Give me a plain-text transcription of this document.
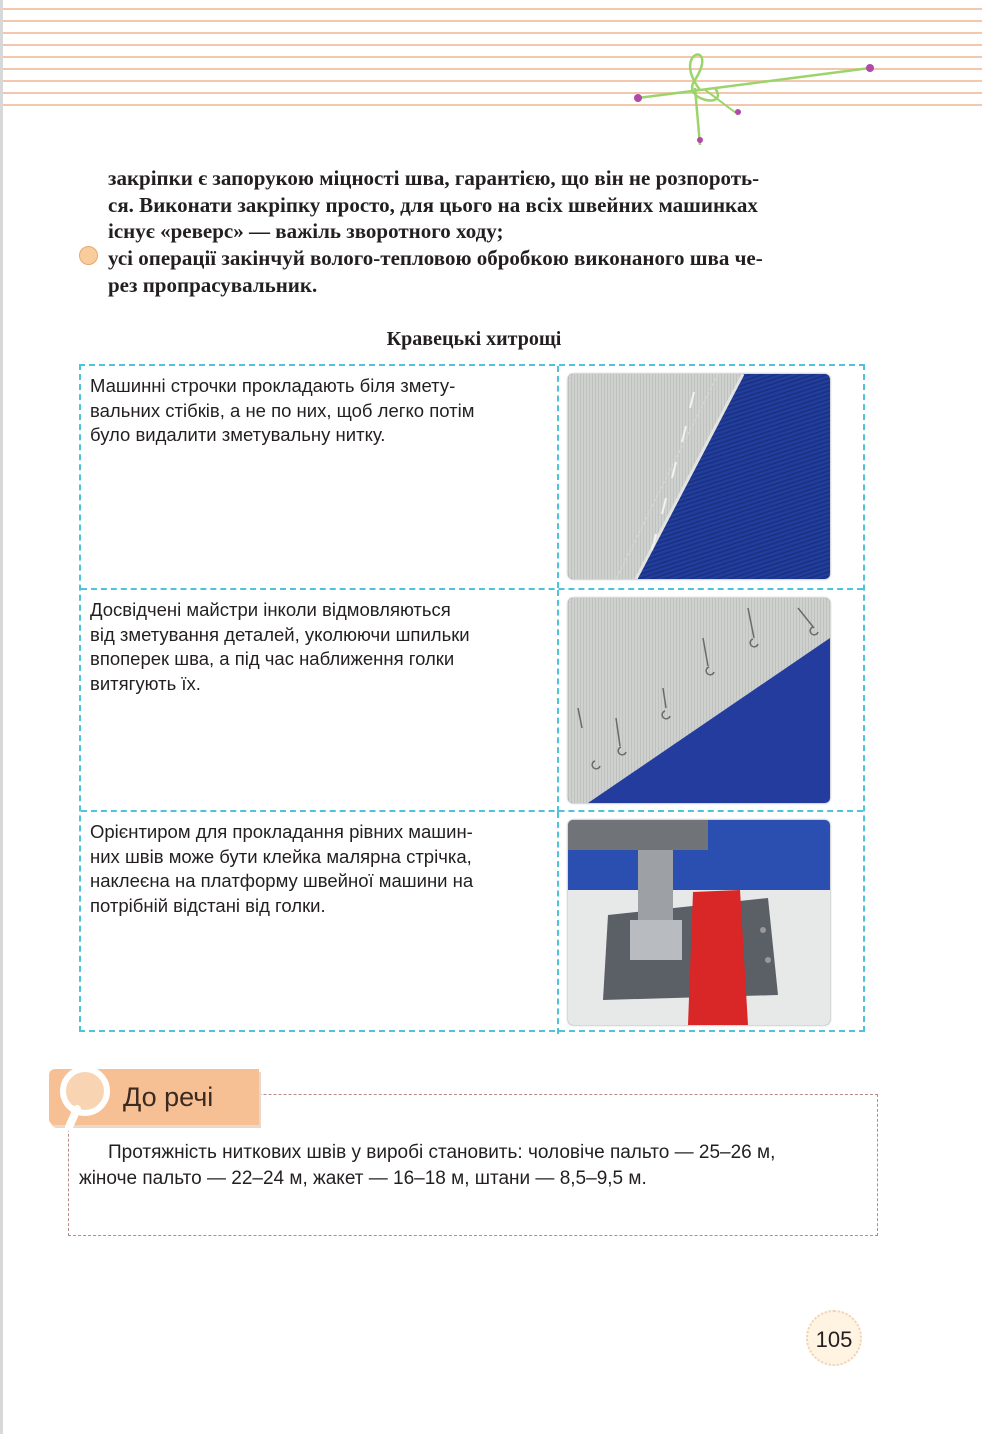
закріпки є запорукою міцності шва, гарантією, що він не розпороть-
ся. Виконати закріпку просто, для цього на всіх швейних машинках
існує «реверс» — важіль зворотного ходу;
усі операції закінчуй волого-тепловою обробкою виконаного шва че-
рез пропрасувальник.
Кравецькі хитрощі
Машинні строчки прокладають біля змету-
вальних стібків, а не по них, щоб легко потім
було видалити зметувальну нитку.
Досвідчені майстри інколи відмовляються
від зметування деталей, уколюючи шпильки
впоперек шва, а під час наближення голки
витягують їх.
Орієнтиром для прокладання рівних машин-
них швів може бути клейка малярна стрічка,
наклеєна на платформу швейної машини на
потрібній відстані від голки.
До речі
Протяжність ниткових швів у виробі становить: чоловіче пальто — 25–26 м,
жіноче пальто — 22–24 м, жакет — 16–18 м, штани — 8,5–9,5 м.
105
